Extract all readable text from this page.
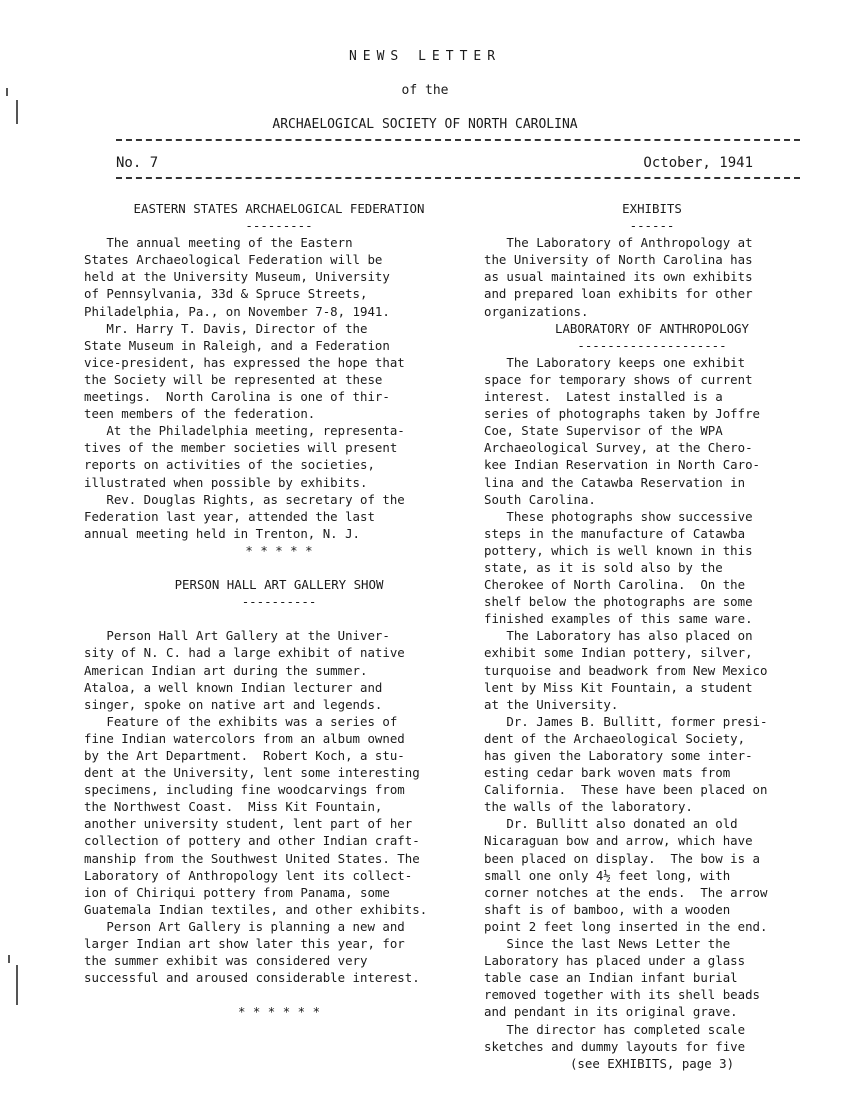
NEWS LETTER
of the
ARCHAELOGICAL SOCIETY OF NORTH CAROLINA
No. 7	October, 1941
EASTERN STATES ARCHAELOGICAL FEDERATION
---------
The annual meeting of the Eastern
States Archaeological Federation will be
held at the University Museum, University
of Pennsylvania, 33d & Spruce Streets,
Philadelphia, Pa., on November 7-8, 1941.
Mr. Harry T. Davis, Director of the
State Museum in Raleigh, and a Federation
vice-president, has expressed the hope that
the Society will be represented at these
meetings.  North Carolina is one of thir-
teen members of the federation.
At the Philadelphia meeting, representa-
tives of the member societies will present
reports on activities of the societies,
illustrated when possible by exhibits.
Rev. Douglas Rights, as secretary of the
Federation last year, attended the last
annual meeting held in Trenton, N. J.
* * * * *
PERSON HALL ART GALLERY SHOW
----------
Person Hall Art Gallery at the Univer-
sity of N. C. had a large exhibit of native
American Indian art during the summer.
Ataloa, a well known Indian lecturer and
singer, spoke on native art and legends.
Feature of the exhibits was a series of
fine Indian watercolors from an album owned
by the Art Department.  Robert Koch, a stu-
dent at the University, lent some interesting
specimens, including fine woodcarvings from
the Northwest Coast.  Miss Kit Fountain,
another university student, lent part of her
collection of pottery and other Indian craft-
manship from the Southwest United States. The
Laboratory of Anthropology lent its collect-
ion of Chiriqui pottery from Panama, some
Guatemala Indian textiles, and other exhibits.
Person Art Gallery is planning a new and
larger Indian art show later this year, for
the summer exhibit was considered very
successful and aroused considerable interest.
* * * * * *
EXHIBITS
------
The Laboratory of Anthropology at
the University of North Carolina has
as usual maintained its own exhibits
and prepared loan exhibits for other
organizations.
LABORATORY OF ANTHROPOLOGY
--------------------
The Laboratory keeps one exhibit
space for temporary shows of current
interest.  Latest installed is a
series of photographs taken by Joffre
Coe, State Supervisor of the WPA
Archaeological Survey, at the Chero-
kee Indian Reservation in North Caro-
lina and the Catawba Reservation in
South Carolina.
These photographs show successive
steps in the manufacture of Catawba
pottery, which is well known in this
state, as it is sold also by the
Cherokee of North Carolina.  On the
shelf below the photographs are some
finished examples of this same ware.
The Laboratory has also placed on
exhibit some Indian pottery, silver,
turquoise and beadwork from New Mexico
lent by Miss Kit Fountain, a student
at the University.
Dr. James B. Bullitt, former presi-
dent of the Archaeological Society,
has given the Laboratory some inter-
esting cedar bark woven mats from
California.  These have been placed on
the walls of the laboratory.
Dr. Bullitt also donated an old
Nicaraguan bow and arrow, which have
been placed on display.  The bow is a
small one only 4½ feet long, with
corner notches at the ends.  The arrow
shaft is of bamboo, with a wooden
point 2 feet long inserted in the end.
Since the last News Letter the
Laboratory has placed under a glass
table case an Indian infant burial
removed together with its shell beads
and pendant in its original grave.
The director has completed scale
sketches and dummy layouts for five
(see EXHIBITS, page 3)
